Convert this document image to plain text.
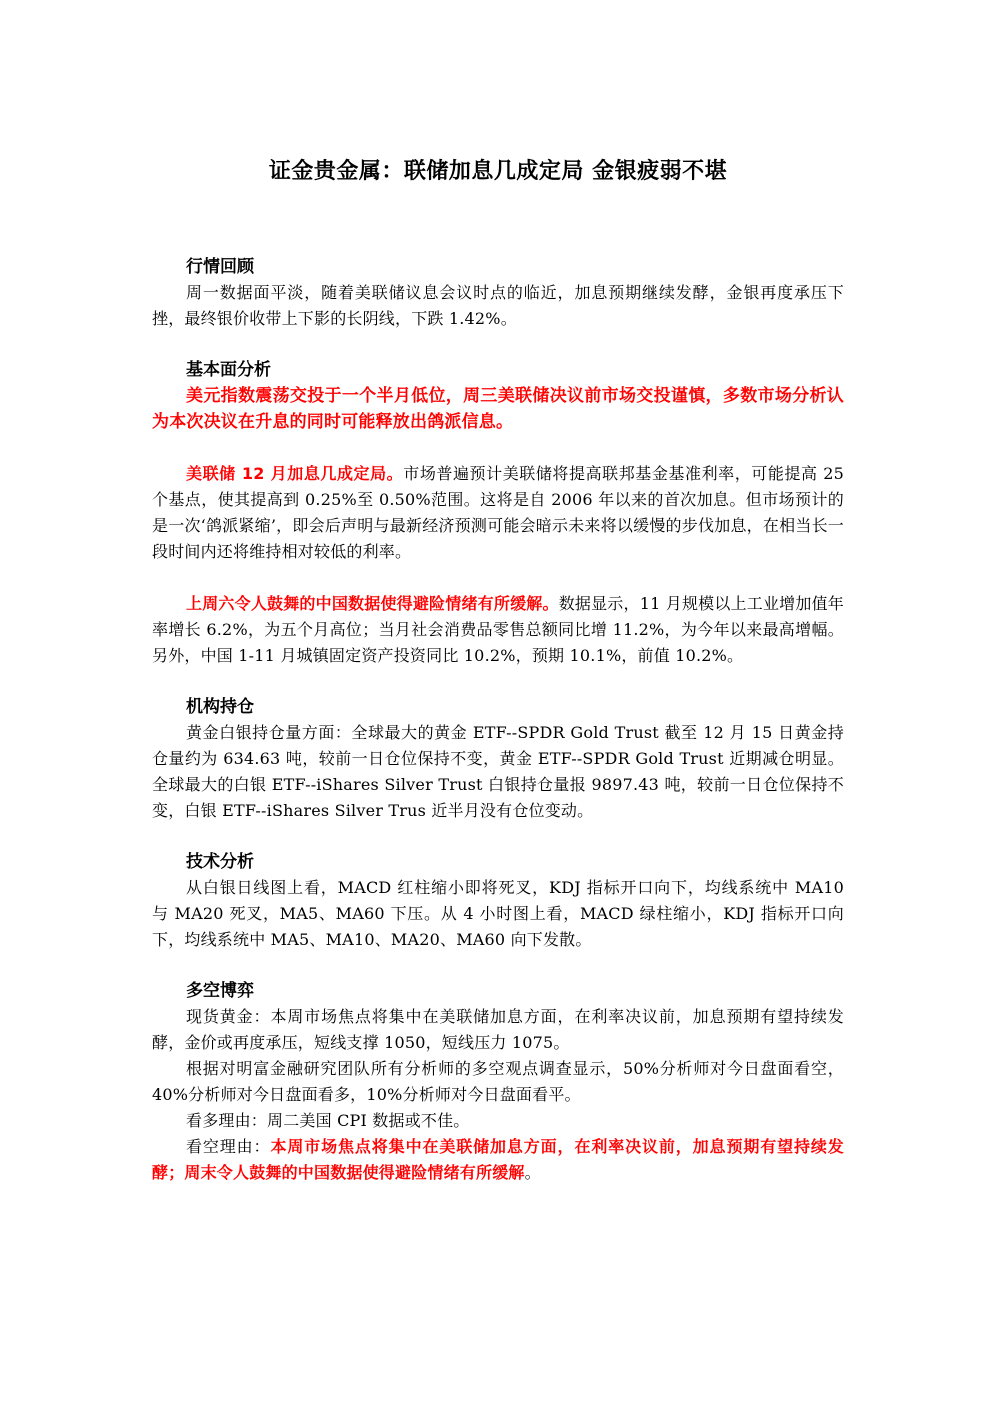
证金贵金属：联储加息几成定局 金银疲弱不堪
行情回顾

周一数据面平淡，随着美联储议息会议时点的临近，加息预期继续发酵，金银再度承压下挫，最终银价收带上下影的长阴线，下跌 1.42%。

基本面分析

美元指数震荡交投于一个半月低位，周三美联储决议前市场交投谨慎，多数市场分析认为本次决议在升息的同时可能释放出鸽派信息。

美联储 12 月加息几成定局。市场普遍预计美联储将提高联邦基金基准利率，可能提高 25 个基点，使其提高到 0.25%至 0.50%范围。这将是自 2006 年以来的首次加息。但市场预计的是一次‘鸽派紧缩’，即会后声明与最新经济预测可能会暗示未来将以缓慢的步伐加息，在相当长一段时间内还将维持相对较低的利率。

上周六令人鼓舞的中国数据使得避险情绪有所缓解。数据显示，11 月规模以上工业增加值年率增长 6.2%，为五个月高位；当月社会消费品零售总额同比增 11.2%，为今年以来最高增幅。另外，中国 1-11 月城镇固定资产投资同比 10.2%，预期 10.1%，前值 10.2%。

机构持仓

黄金白银持仓量方面：全球最大的黄金 ETF--SPDR Gold Trust 截至 12 月 15 日黄金持仓量约为 634.63 吨，较前一日仓位保持不变，黄金 ETF--SPDR Gold Trust 近期减仓明显。全球最大的白银 ETF--iShares Silver Trust 白银持仓量报 9897.43 吨，较前一日仓位保持不变，白银 ETF--iShares Silver Trus 近半月没有仓位变动。

技术分析

从白银日线图上看，MACD 红柱缩小即将死叉，KDJ 指标开口向下，均线系统中 MA10 与 MA20 死叉，MA5、MA60 下压。从 4 小时图上看，MACD 绿柱缩小，KDJ 指标开口向下，均线系统中 MA5、MA10、MA20、MA60 向下发散。

多空博弈

现货黄金：本周市场焦点将集中在美联储加息方面，在利率决议前，加息预期有望持续发酵，金价或再度承压，短线支撑 1050，短线压力 1075。

根据对明富金融研究团队所有分析师的多空观点调查显示，50%分析师对今日盘面看空，40%分析师对今日盘面看多，10%分析师对今日盘面看平。

看多理由：周二美国 CPI 数据或不佳。

看空理由：本周市场焦点将集中在美联储加息方面，在利率决议前，加息预期有望持续发酵；周末令人鼓舞的中国数据使得避险情绪有所缓解。
